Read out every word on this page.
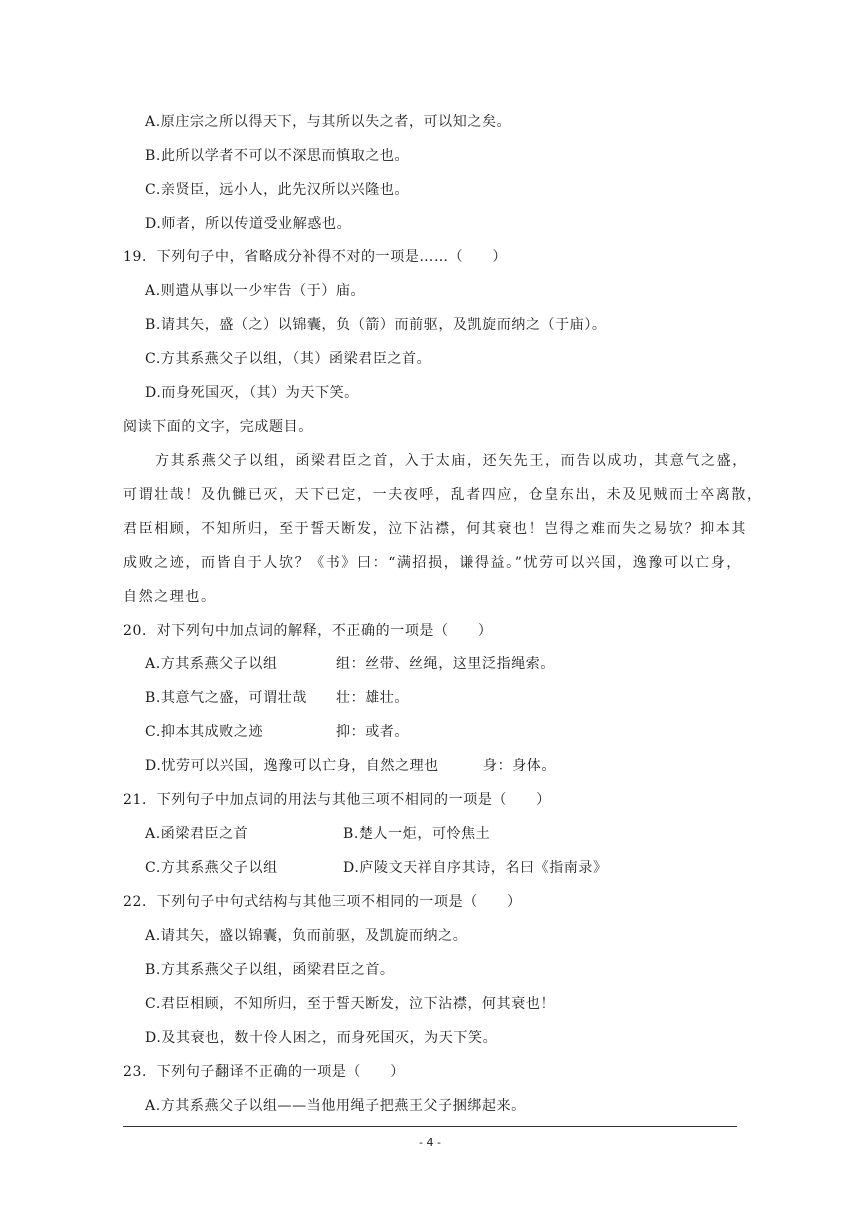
A.原庄宗之所以得天下，与其所以失之者，可以知之矣。
B.此所以学者不可以不深思而慎取之也。
C.亲贤臣，远小人，此先汉所以兴隆也。
D.师者，所以传道受业解惑也。
19．下列句子中，省略成分补得不对的一项是……（　　）
A.则遣从事以一少牢告（于）庙。
B.请其矢，盛（之）以锦囊，负（箭）而前驱，及凯旋而纳之（于庙）。
C.方其系燕父子以组，（其）函梁君臣之首。
D.而身死国灭，（其）为天下笑。
阅读下面的文字，完成题目。
方其系燕父子以组，函梁君臣之首，入于太庙，还矢先王，而告以成功，其意气之盛，
可谓壮哉！及仇雠已灭，天下已定，一夫夜呼，乱者四应，仓皇东出，未及见贼而士卒离散，
君臣相顾，不知所归，至于誓天断发，泣下沾襟，何其衰也！岂得之难而失之易欤？抑本其
成败之迹，而皆自于人欤？《书》曰：“满招损，谦得益。”忧劳可以兴国，逸豫可以亡身，
自然之理也。
20．对下列句中加点词的解释，不正确的一项是（　　）
A.方其系燕父子以组	组：丝带、丝绳，这里泛指绳索。
B.其意气之盛，可谓壮哉 壮：雄壮。
C.抑本其成败之迹	抑：或者。
D.忧劳可以兴国，逸豫可以亡身，自然之理也	身：身体。
21．下列句子中加点词的用法与其他三项不相同的一项是（　　）
A.函梁君臣之首	B.楚人一炬，可怜焦土
C.方其系燕父子以组	D.庐陵文天祥自序其诗，名曰《指南录》
22．下列句子中句式结构与其他三项不相同的一项是（　　）
A.请其矢，盛以锦囊，负而前驱，及凯旋而纳之。
B.方其系燕父子以组，函梁君臣之首。
C.君臣相顾，不知所归，至于誓天断发，泣下沾襟，何其衰也！
D.及其衰也，数十伶人困之，而身死国灭，为天下笑。
23．下列句子翻译不正确的一项是（　　）
A.方其系燕父子以组——当他用绳子把燕王父子捆绑起来。
- 4 -
